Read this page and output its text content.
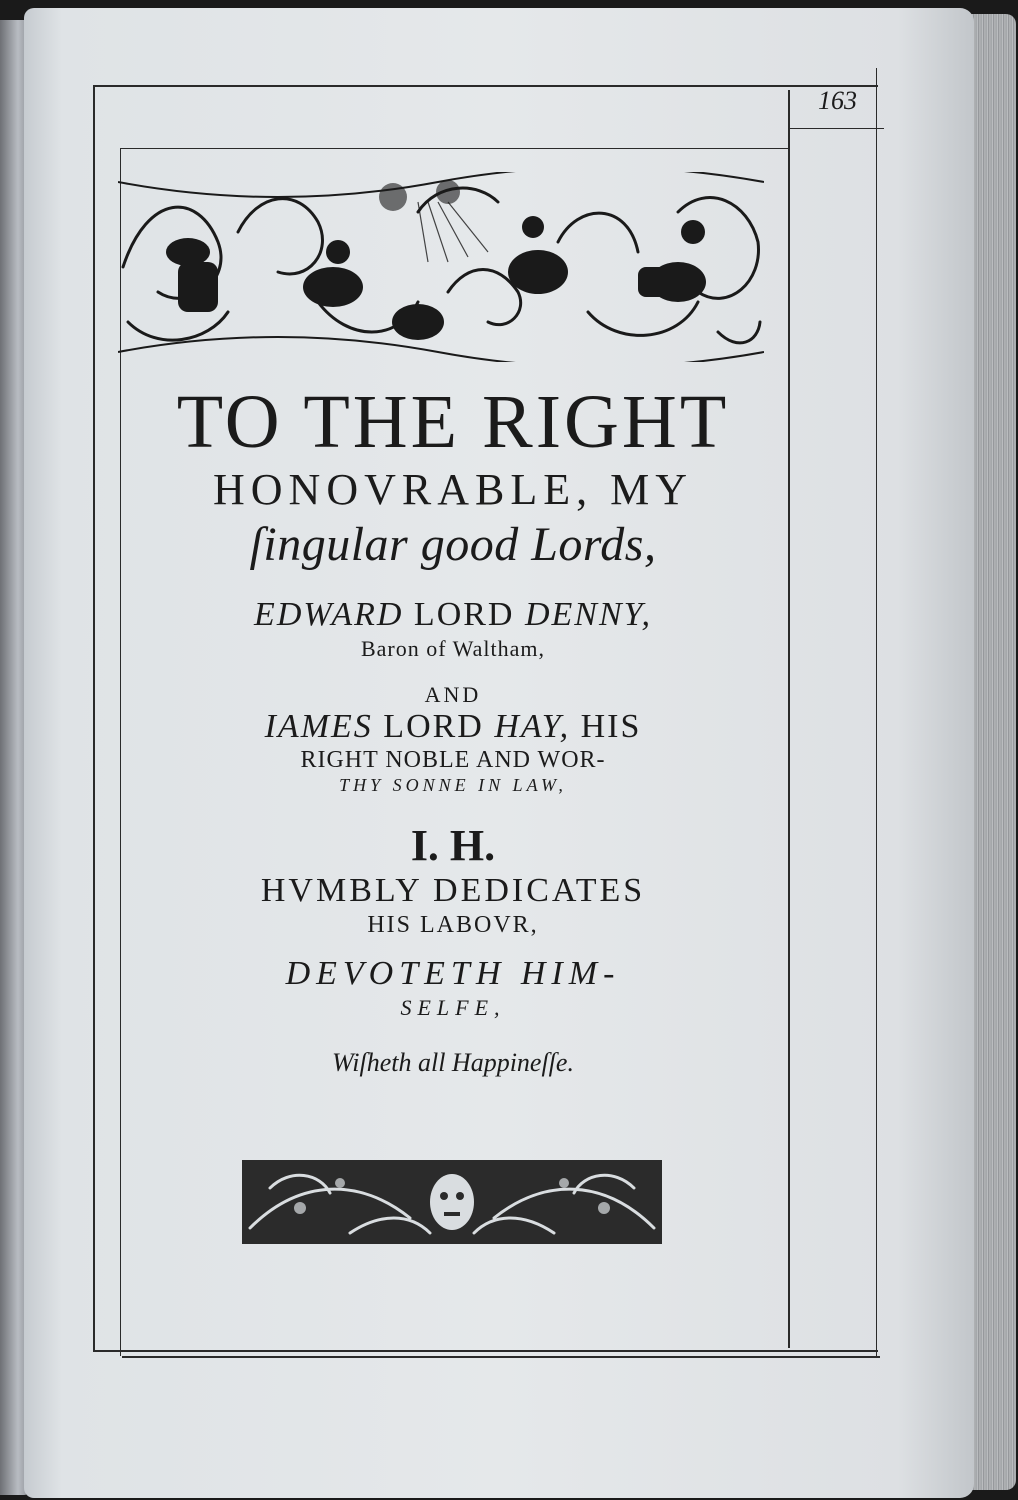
163
TO THE RIGHT
HONOVRABLE, MY
ſingular good Lords,
EDWARD LORD DENNY,
Baron of Waltham,
AND
IAMES LORD HAY, HIS
RIGHT NOBLE AND WOR-
THY SONNE IN LAW,
I. H.
HVMBLY DEDICATES
HIS LABOVR,
DEVOTETH HIM-
SELFE,
Wiſheth all Happineſſe.
